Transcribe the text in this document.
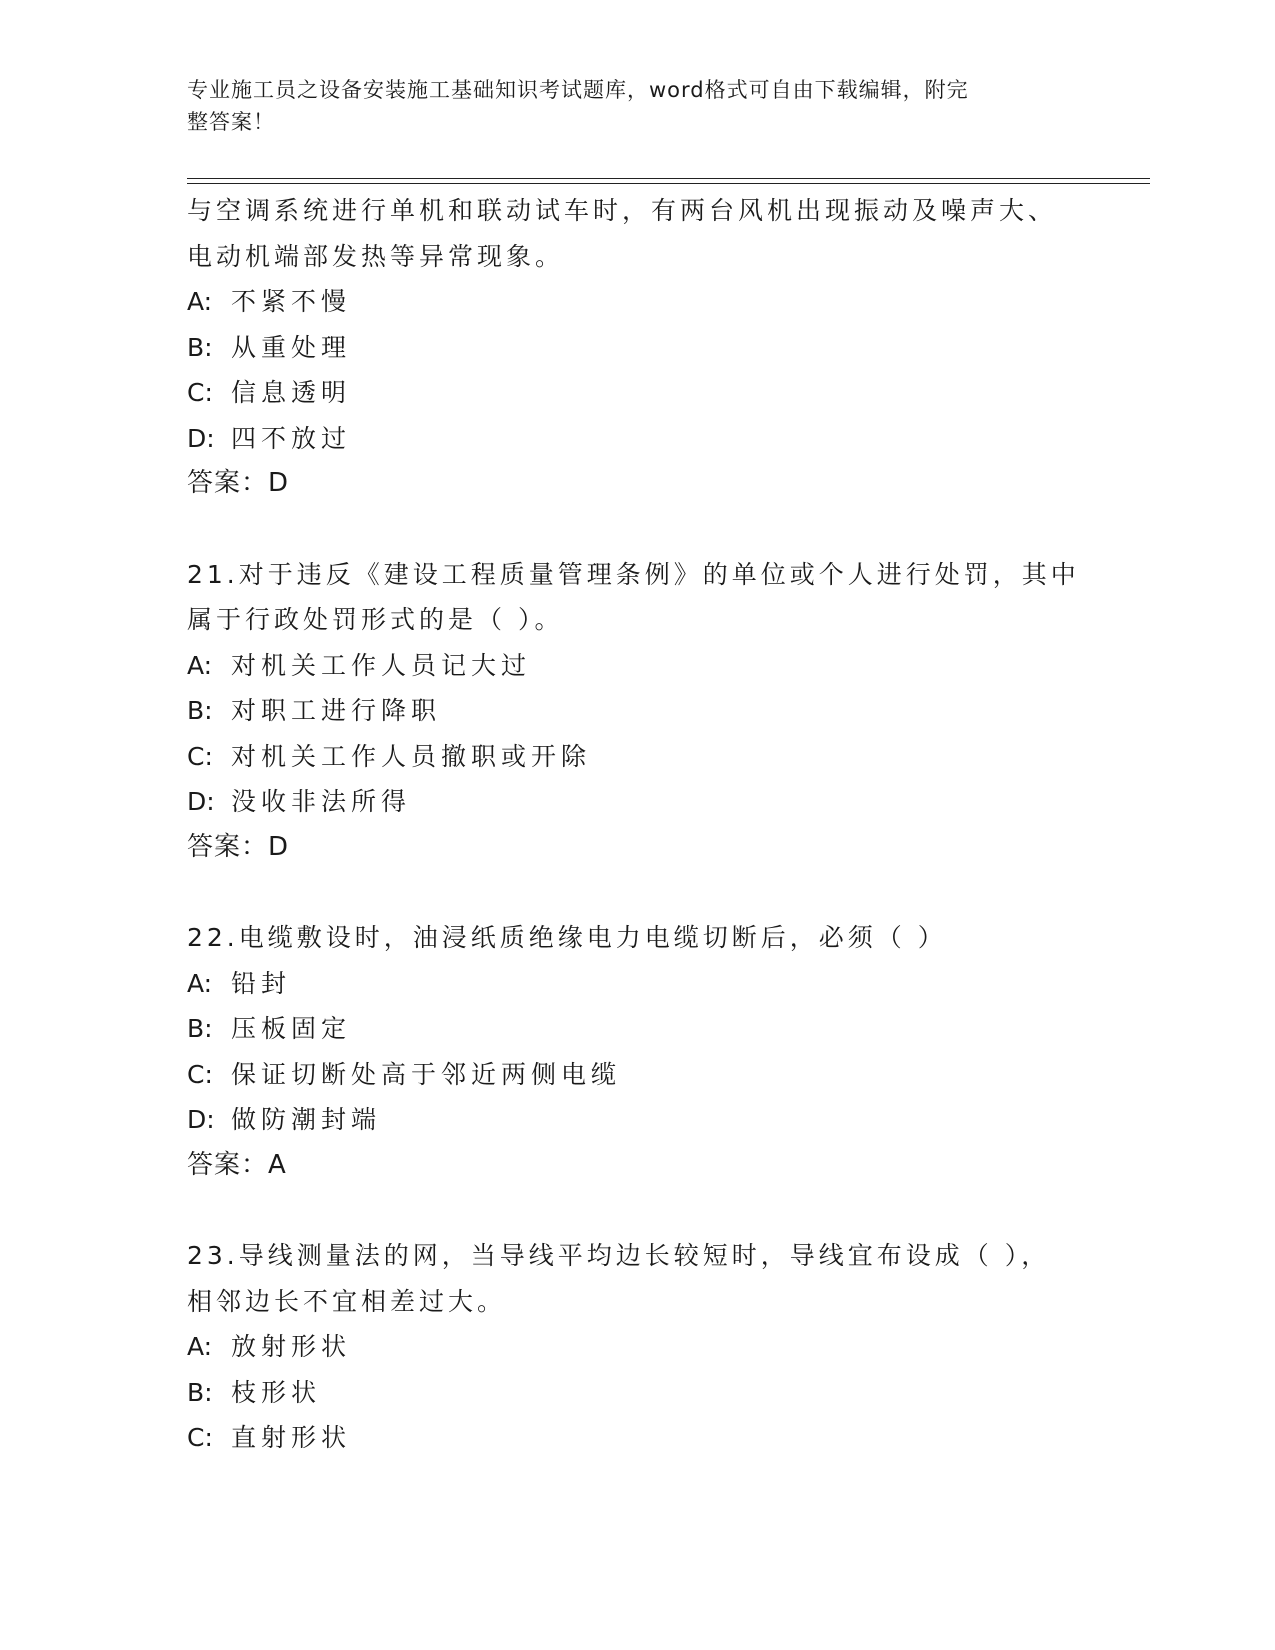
专业施工员之设备安装施工基础知识考试题库，word格式可自由下载编辑，附完
整答案！
与空调系统进行单机和联动试车时，有两台风机出现振动及噪声大、
电动机端部发热等异常现象。
A: 不紧不慢
B: 从重处理
C: 信息透明
D: 四不放过
答案：D
21.对于违反《建设工程质量管理条例》的单位或个人进行处罚，其中
属于行政处罚形式的是（ ）。
A: 对机关工作人员记大过
B: 对职工进行降职
C: 对机关工作人员撤职或开除
D: 没收非法所得
答案：D
22.电缆敷设时，油浸纸质绝缘电力电缆切断后，必须（ ）
A: 铅封
B: 压板固定
C: 保证切断处高于邻近两侧电缆
D: 做防潮封端
答案：A
23.导线测量法的网，当导线平均边长较短时，导线宜布设成（ ），
相邻边长不宜相差过大。
A: 放射形状
B: 枝形状
C: 直射形状
